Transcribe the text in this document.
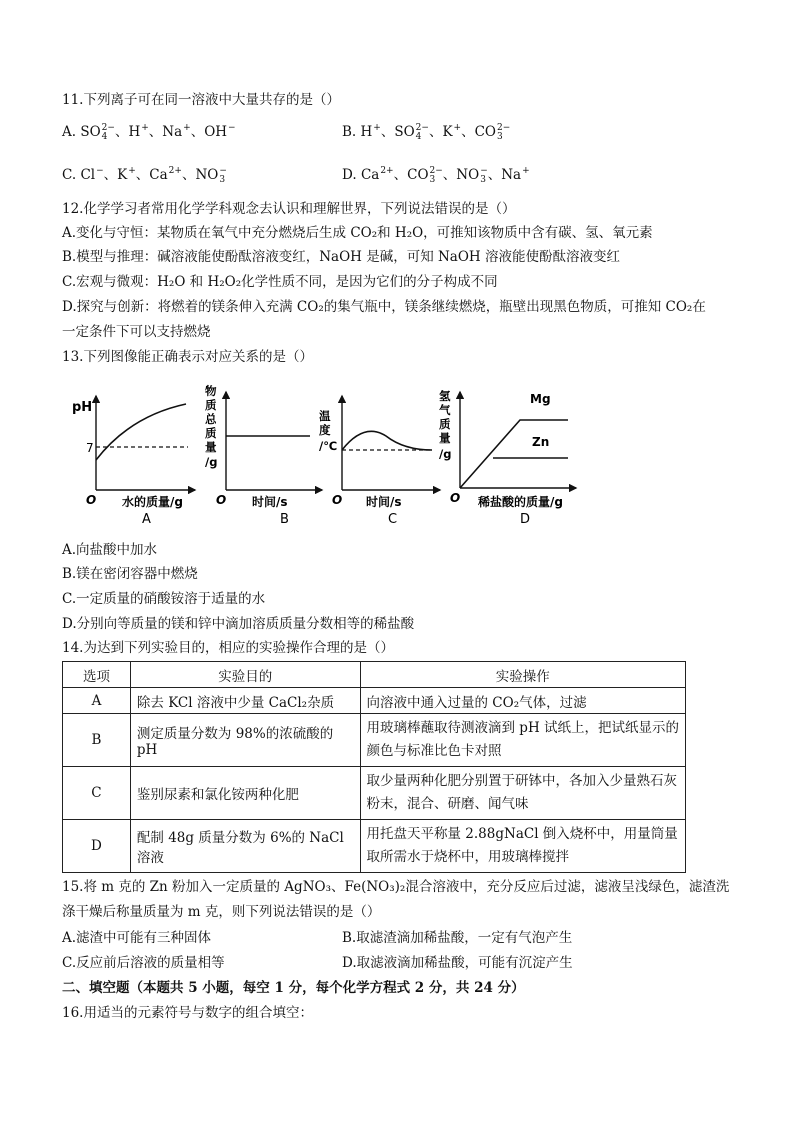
11.下列离子可在同一溶液中大量共存的是（）
A. SO 2−
4 、H +
、Na +
、OH −
	B. H +
、SO 2−
4 、K +
、CO 2−
3
C. Cl −
、K +
、Ca 2+
、NO −
3	D. Ca 2+
、CO 2−
3 、NO −
3 、Na +

12.化学学习者常用化学学科观念去认识和理解世界，下列说法错误的是（）
A.变化与守恒：某物质在氧气中充分燃烧后生成 CO₂和 H₂O，可推知该物质中含有碳、氢、氧元素
B.模型与推理：碱溶液能使酚酞溶液变红，NaOH 是碱，可知 NaOH 溶液能使酚酞溶液变红
C.宏观与微观：H₂O 和 H₂O₂化学性质不同，是因为它们的分子构成不同
D.探究与创新：将燃着的镁条伸入充满 CO₂的集气瓶中，镁条继续燃烧，瓶壁出现黑色物质，可推知 CO₂在
一定条件下可以支持燃烧
13.下列图像能正确表示对应关系的是（）
pH
7
O 水的质量/g
A
物
质
总
质
量
/g
O 时间/s
B
温
度
/℃
O 时间/s
C
氢
气
质
量
/g
Mg
Zn
O 稀盐酸的质量/g
D
A.向盐酸中加水
B.镁在密闭容器中燃烧
C.一定质量的硝酸铵溶于适量的水
D.分别向等质量的镁和锌中滴加溶质质量分数相等的稀盐酸
14.为达到下列实验目的，相应的实验操作合理的是（）
选项	实验目的	实验操作
A	除去 KCl 溶液中少量 CaCl₂杂质	向溶液中通入过量的 CO₂气体，过滤
B	测定质量分数为 98%的浓硫酸的 pH	用玻璃棒蘸取待测液滴到 pH 试纸上，把试纸显示的颜色与标准比色卡对照
C	鉴别尿素和氯化铵两种化肥	取少量两种化肥分别置于研钵中，各加入少量熟石灰粉末，混合、研磨、闻气味
D	配制 48g 质量分数为 6%的 NaCl 溶液	用托盘天平称量 2.88gNaCl 倒入烧杯中，用量筒量取所需水于烧杯中，用玻璃棒搅拌
15.将 m 克的 Zn 粉加入一定质量的 AgNO₃、Fe(NO₃)₂混合溶液中，充分反应后过滤，滤液呈浅绿色，滤渣洗
涤干燥后称量质量为 m 克，则下列说法错误的是（）
A.滤渣中可能有三种固体	B.取滤渣滴加稀盐酸，一定有气泡产生
C.反应前后溶液的质量相等	D.取滤液滴加稀盐酸，可能有沉淀产生
二、填空题（本题共 5 小题，每空 1 分，每个化学方程式 2 分，共 24 分）
16.用适当的元素符号与数字的组合填空：
